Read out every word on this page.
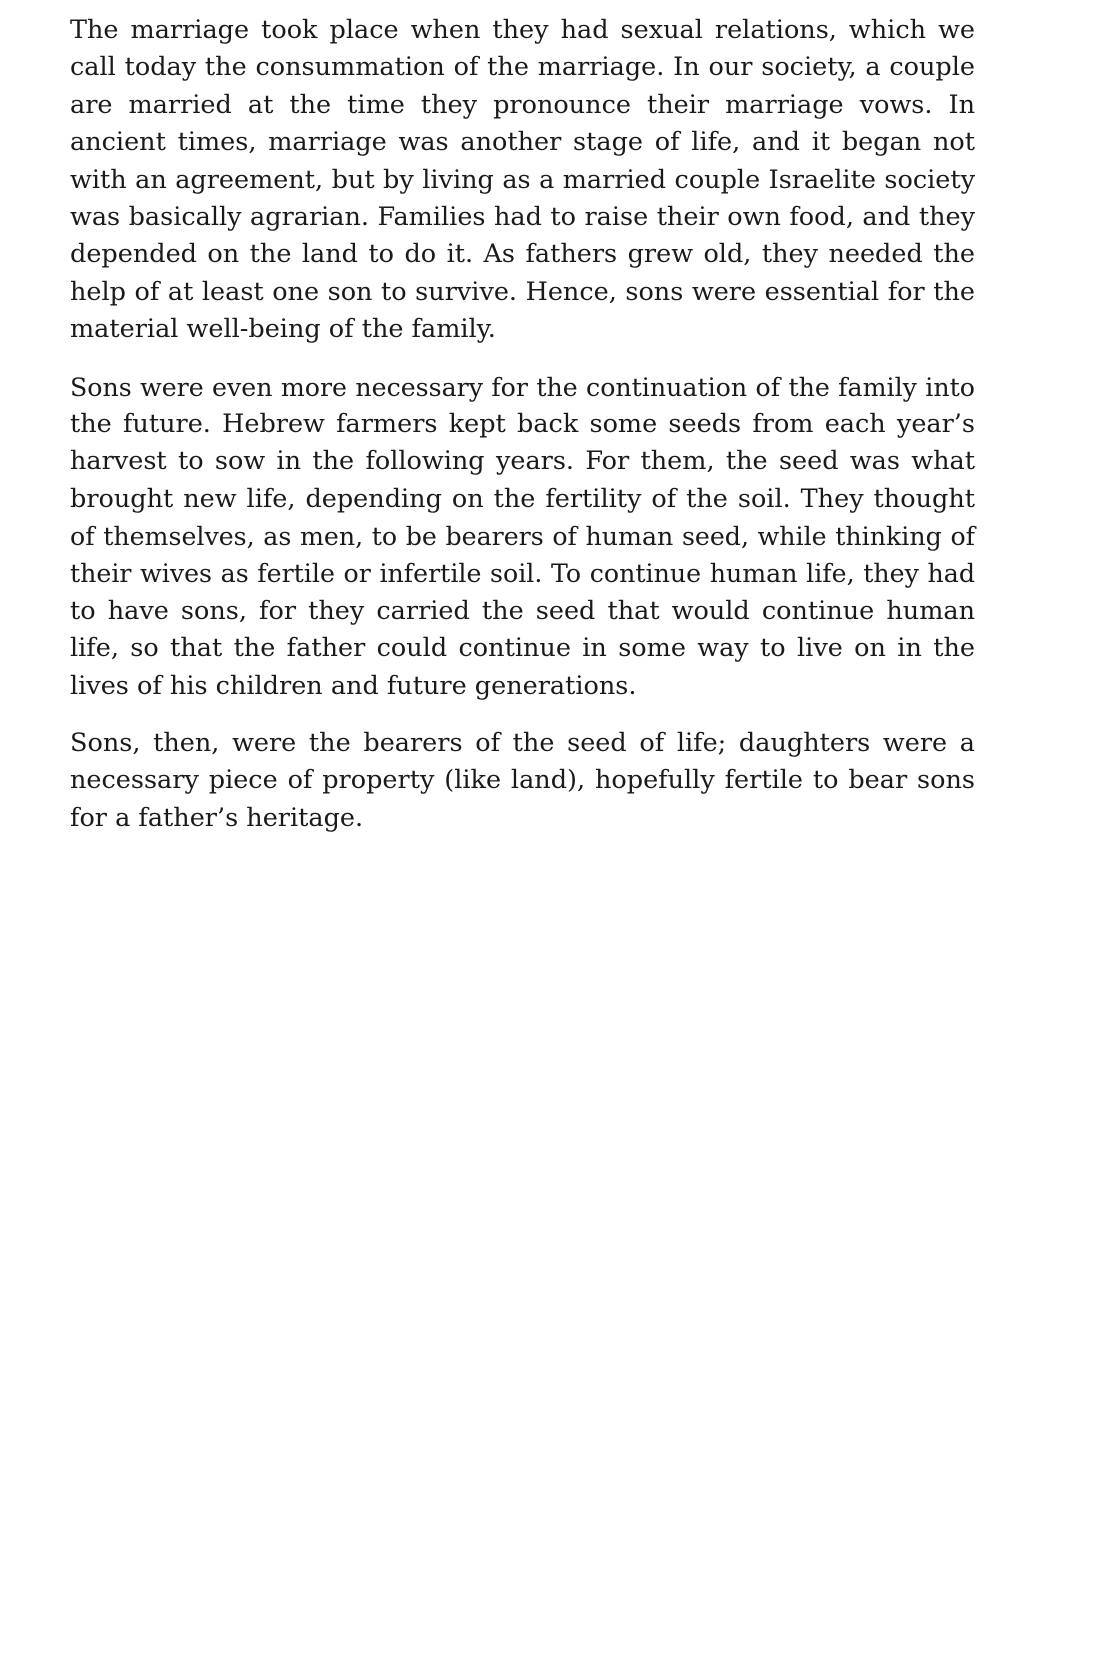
The marriage took place when they had sexual relations, which we
call today the consummation of the marriage. In our society, a couple
are married at the time they pronounce their marriage vows. In
ancient times, marriage was another stage of life, and it began not
with an agreement, but by living as a married couple Israelite society
was basically agrarian. Families had to raise their own food, and they
depended on the land to do it. As fathers grew old, they needed the
help of at least one son to survive. Hence, sons were essential for the
material well-being of the family.

Sons were even more necessary for the continuation of the family into
the future. Hebrew farmers kept back some seeds from each year’s
harvest to sow in the following years. For them, the seed was what
brought new life, depending on the fertility of the soil. They thought
of themselves, as men, to be bearers of human seed, while thinking of
their wives as fertile or infertile soil. To continue human life, they had
to have sons, for they carried the seed that would continue human
life, so that the father could continue in some way to live on in the
lives of his children and future generations.

Sons, then, were the bearers of the seed of life; daughters were a
necessary piece of property (like land), hopefully fertile to bear sons
for a father’s heritage.
